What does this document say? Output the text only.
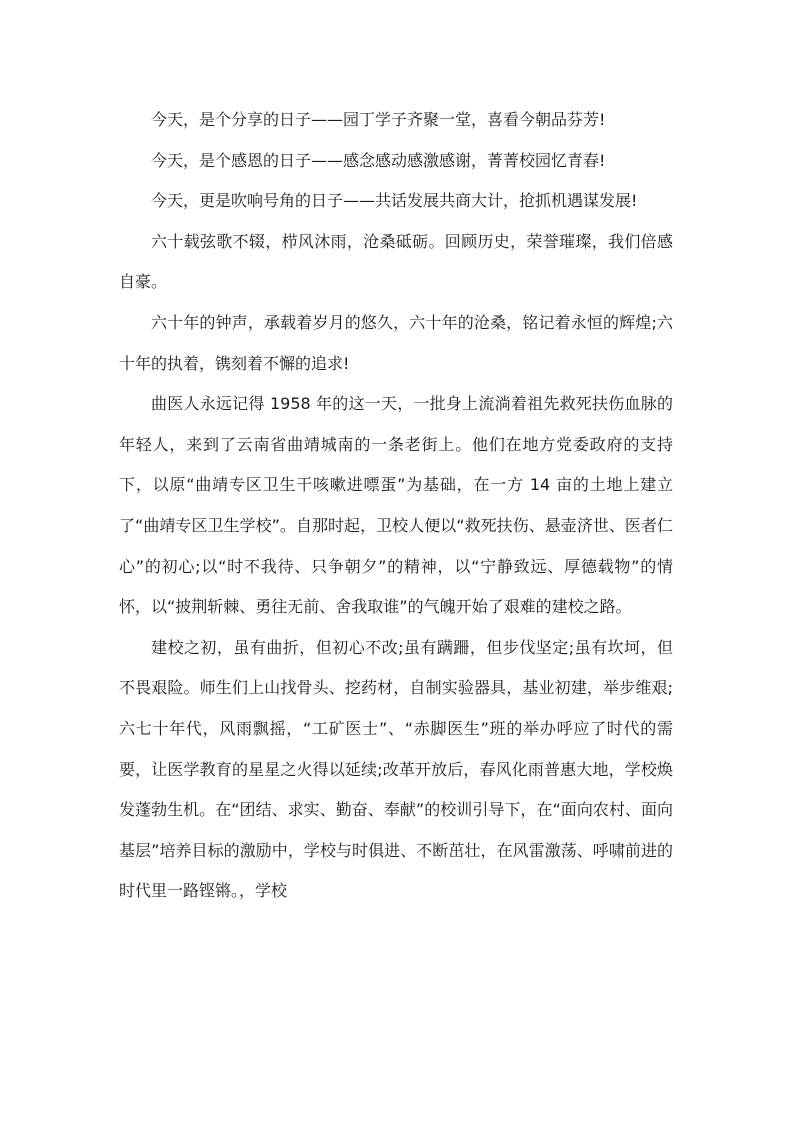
今天，是个分享的日子——园丁学子齐聚一堂，喜看今朝品芬芳!

今天，是个感恩的日子——感念感动感激感谢，菁菁校园忆青春!

今天，更是吹响号角的日子——共话发展共商大计，抢抓机遇谋发展!

六十载弦歌不辍，栉风沐雨，沧桑砥砺。回顾历史，荣誉璀璨，我们倍感自豪。

六十年的钟声，承载着岁月的悠久，六十年的沧桑，铭记着永恒的辉煌;六十年的执着，镌刻着不懈的追求!

曲医人永远记得 1958 年的这一天，一批身上流淌着祖先救死扶伤血脉的年轻人，来到了云南省曲靖城南的一条老街上。他们在地方党委政府的支持下，以原“曲靖专区卫生干咳嗽进嘌蛋”为基础，在一方 14 亩的土地上建立了“曲靖专区卫生学校”。自那时起，卫校人便以“救死扶伤、悬壶济世、医者仁心”的初心;以“时不我待、只争朝夕”的精神，以“宁静致远、厚德载物”的情怀，以“披荆斩棘、勇往无前、舍我取谁”的气魄开始了艰难的建校之路。

建校之初，虽有曲折，但初心不改;虽有蹒跚，但步伐坚定;虽有坎坷，但不畏艰险。师生们上山找骨头、挖药材，自制实验器具，基业初建，举步维艰;六七十年代，风雨飘摇，“工矿医士”、“赤脚医生”班的举办呼应了时代的需要，让医学教育的星星之火得以延续;改革开放后，春风化雨普惠大地，学校焕发蓬勃生机。在“团结、求实、勤奋、奉献”的校训引导下，在“面向农村、面向基层”培养目标的激励中，学校与时俱进、不断茁壮，在风雷激荡、呼啸前进的时代里一路铿锵。，学校
